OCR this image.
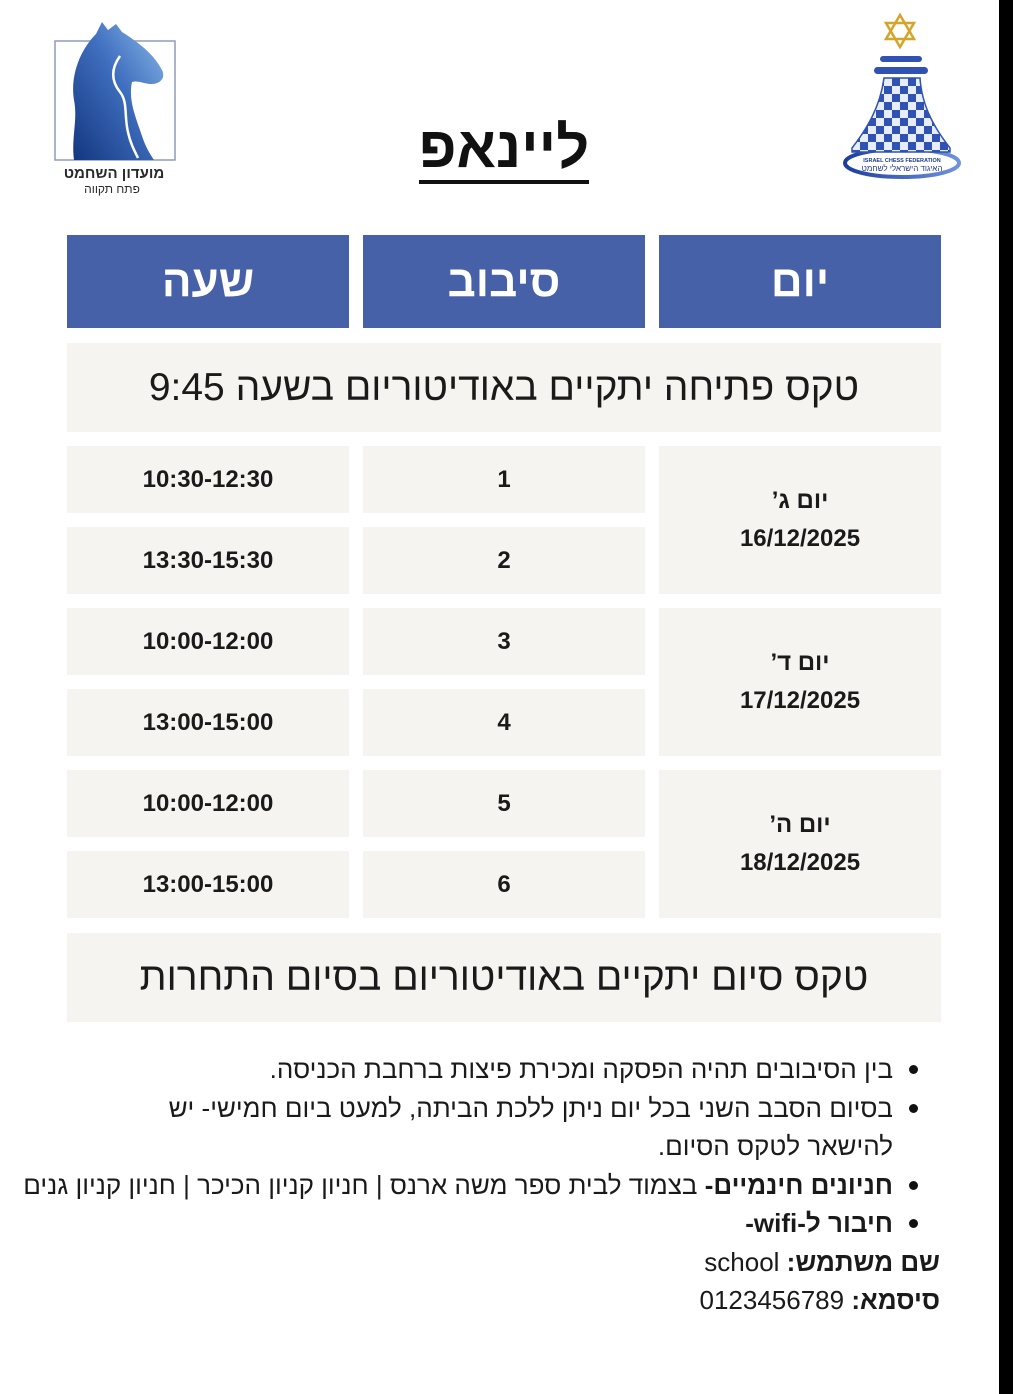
מועדון השחמט
פתח תקווה
ISRAEL CHESS FEDERATION
האיגוד הישראלי לשחמט
ליינאפ
יום
סיבוב
שעה
טקס פתיחה יתקיים באודיטוריום בשעה 9:45
יום ג’
16/12/2025
1
10:30-12:30
2
13:30-15:30
יום ד’
17/12/2025
3
10:00-12:00
4
13:00-15:00
יום ה’
18/12/2025
5
10:00-12:00
6
13:00-15:00
טקס סיום יתקיים באודיטוריום בסיום התחרות
בין הסיבובים תהיה הפסקה ומכירת פיצות ברחבת הכניסה.
בסיום הסבב השני בכל יום ניתן ללכת הביתה, למעט ביום חמישי- יש להישאר לטקס הסיום.
חניונים חינמיים- בצמוד לבית ספר משה ארנס | חניון קניון הכיכר | חניון קניון גנים
חיבור ל-wifi-
שם משתמש: school
סיסמא: 0123456789
